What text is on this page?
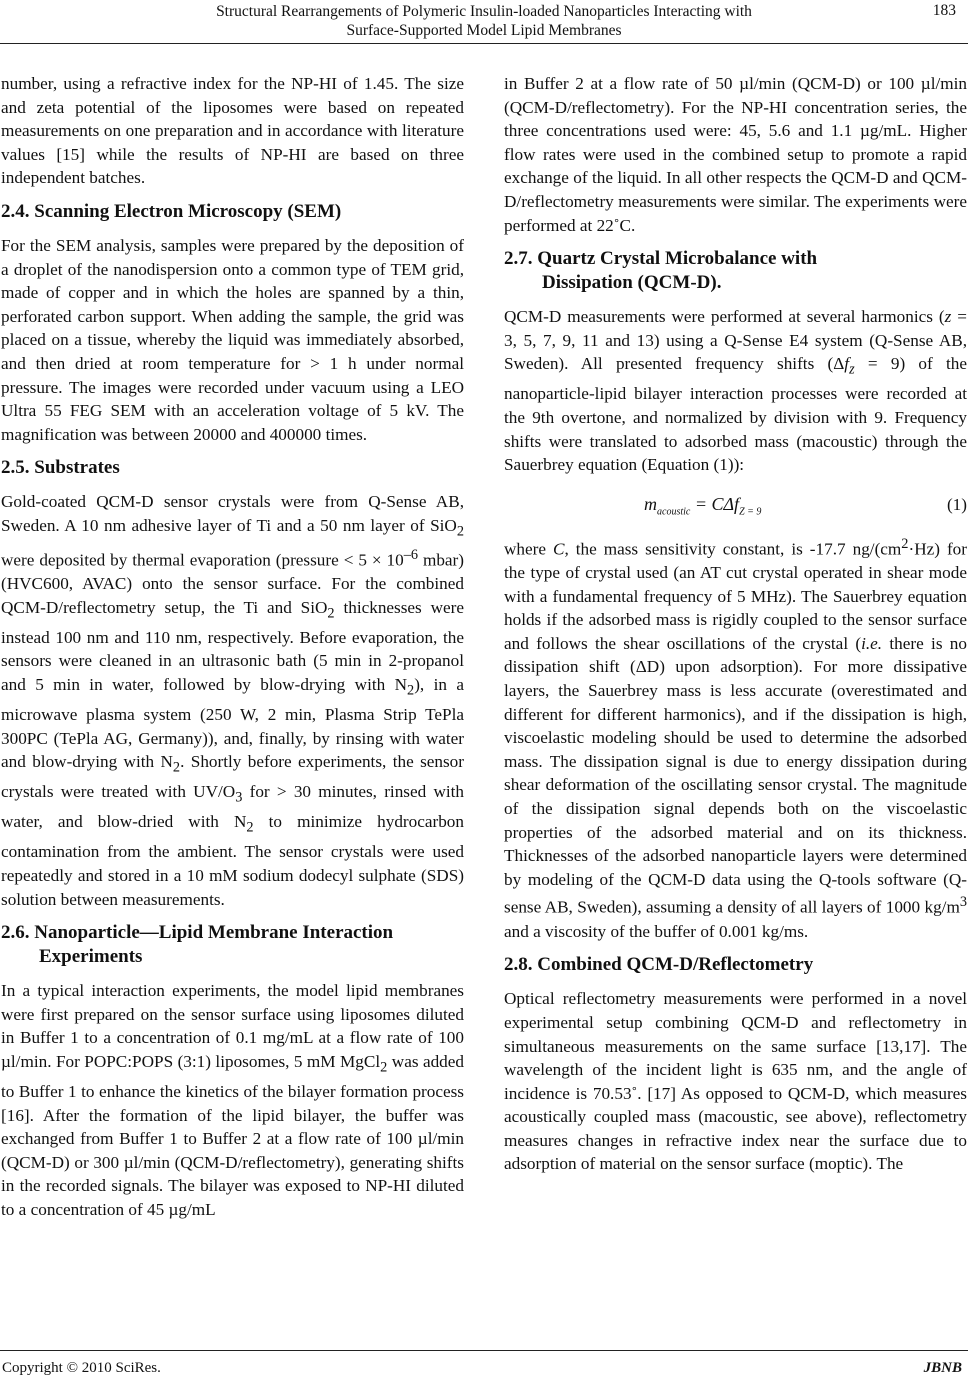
Structural Rearrangements of Polymeric Insulin-loaded Nanoparticles Interacting with
Surface-Supported Model Lipid Membranes
183

number, using a refractive index for the NP-HI of 1.45. The size and zeta potential of the liposomes were based on repeated measurements on one preparation and in accordance with literature values [15] while the results of NP-HI are based on three independent batches.

2.4. Scanning Electron Microscopy (SEM)

For the SEM analysis, samples were prepared by the deposition of a droplet of the nanodispersion onto a common type of TEM grid, made of copper and in which the holes are spanned by a thin, perforated carbon support. When adding the sample, the grid was placed on a tissue, whereby the liquid was immediately absorbed, and then dried at room temperature for > 1 h under normal pressure. The images were recorded under vacuum using a LEO Ultra 55 FEG SEM with an acceleration voltage of 5 kV. The magnification was between 20000 and 400000 times.

2.5. Substrates

Gold-coated QCM-D sensor crystals were from Q-Sense AB, Sweden. A 10 nm adhesive layer of Ti and a 50 nm layer of SiO$_2$ were deposited by thermal evaporation (pressure < $5 \times 10^{-6}$ mbar) (HVC600, AVAC) onto the sensor surface. For the combined QCM-D/reflectometry setup, the Ti and SiO$_2$ thicknesses were instead 100 nm and 110 nm, respectively. Before evaporation, the sensors were cleaned in an ultrasonic bath (5 min in 2-propanol and 5 min in water, followed by blow-drying with $N_2$), in a microwave plasma system (250 W, 2 min, Plasma Strip TePla 300PC (TePla AG, Germany)), and, finally, by rinsing with water and blow-drying with $N_2$. Shortly before experiments, the sensor crystals were treated with $UV/O_3$ for > 30 minutes, rinsed with water, and blow-dried with $N_2$ to minimize hydrocarbon contamination from the ambient. The sensor crystals were used repeatedly and stored in a 10 mM sodium dodecyl sulphate (SDS) solution between measurements.

2.6. Nanoparticle—Lipid Membrane Interaction
Experiments

In a typical interaction experiments, the model lipid membranes were first prepared on the sensor surface using liposomes diluted in Buffer 1 to a concentration of 0.1 mg/mL at a flow rate of 100 µl/min. For POPC:POPS (3:1) liposomes, 5 mM MgCl$_2$ was added to Buffer 1 to enhance the kinetics of the bilayer formation process [16]. After the formation of the lipid bilayer, the buffer was exchanged from Buffer 1 to Buffer 2 at a flow rate of 100 µl/min (QCM-D) or 300 µl/min (QCM-D/reflectometry), generating shifts in the recorded signals. The bilayer was exposed to NP-HI diluted to a concentration of 45 µg/mL

in Buffer 2 at a flow rate of 50 µl/min (QCM-D) or 100 µl/min (QCM-D/reflectometry). For the NP-HI concentration series, the three concentrations used were: 45, 5.6 and 1.1 µg/mL. Higher flow rates were used in the combined setup to promote a rapid exchange of the liquid. In all other respects the QCM-D and QCM-D/reflectometry measurements were similar. The experiments were performed at 22˚C.

2.7. Quartz Crystal Microbalance with
Dissipation (QCM-D).

QCM-D measurements were performed at several harmonics (z = 3, 5, 7, 9, 11 and 13) using a Q-Sense E4 system (Q-Sense AB, Sweden). All presented frequency shifts $(\Delta f_z = 9)$ of the nanoparticle-lipid bilayer interaction processes were recorded at the 9th overtone, and normalized by division with 9. Frequency shifts were translated to adsorbed mass (macoustic) through the Sauerbrey equation (Equation (1)):

$m_{acoustic} = C\Delta f_{Z = 9}$	(1)

where C, the mass sensitivity constant, is -17.7 $ng/(cm^2\cdot Hz)$ for the type of crystal used (an AT cut crystal operated in shear mode with a fundamental frequency of 5 MHz). The Sauerbrey equation holds if the adsorbed mass is rigidly coupled to the sensor surface and follows the shear oscillations of the crystal (i.e. there is no dissipation shift (ΔD) upon adsorption). For more dissipative layers, the Sauerbrey mass is less accurate (overestimated and different for different harmonics), and if the dissipation is high, viscoelastic modeling should be used to determine the adsorbed mass. The dissipation signal is due to energy dissipation during shear deformation of the oscillating sensor crystal. The magnitude of the dissipation signal depends both on the viscoelastic properties of the adsorbed material and on its thickness. Thicknesses of the adsorbed nanoparticle layers were determined by modeling of the QCM-D data using the Q-tools software (Q-sense AB, Sweden), assuming a density of all layers of 1000 $kg/m^3$ and a viscosity of the buffer of 0.001 kg/ms.

2.8. Combined QCM-D/Reflectometry

Optical reflectometry measurements were performed in a novel experimental setup combining QCM-D and reflectometry in simultaneous measurements on the same surface [13,17]. The wavelength of the incident light is 635 nm, and the angle of incidence is 70.53˚. [17] As opposed to QCM-D, which measures acoustically coupled mass (macoustic, see above), reflectometry measures changes in refractive index near the surface due to adsorption of material on the sensor surface (moptic). The

Copyright © 2010 SciRes.	JBNB
